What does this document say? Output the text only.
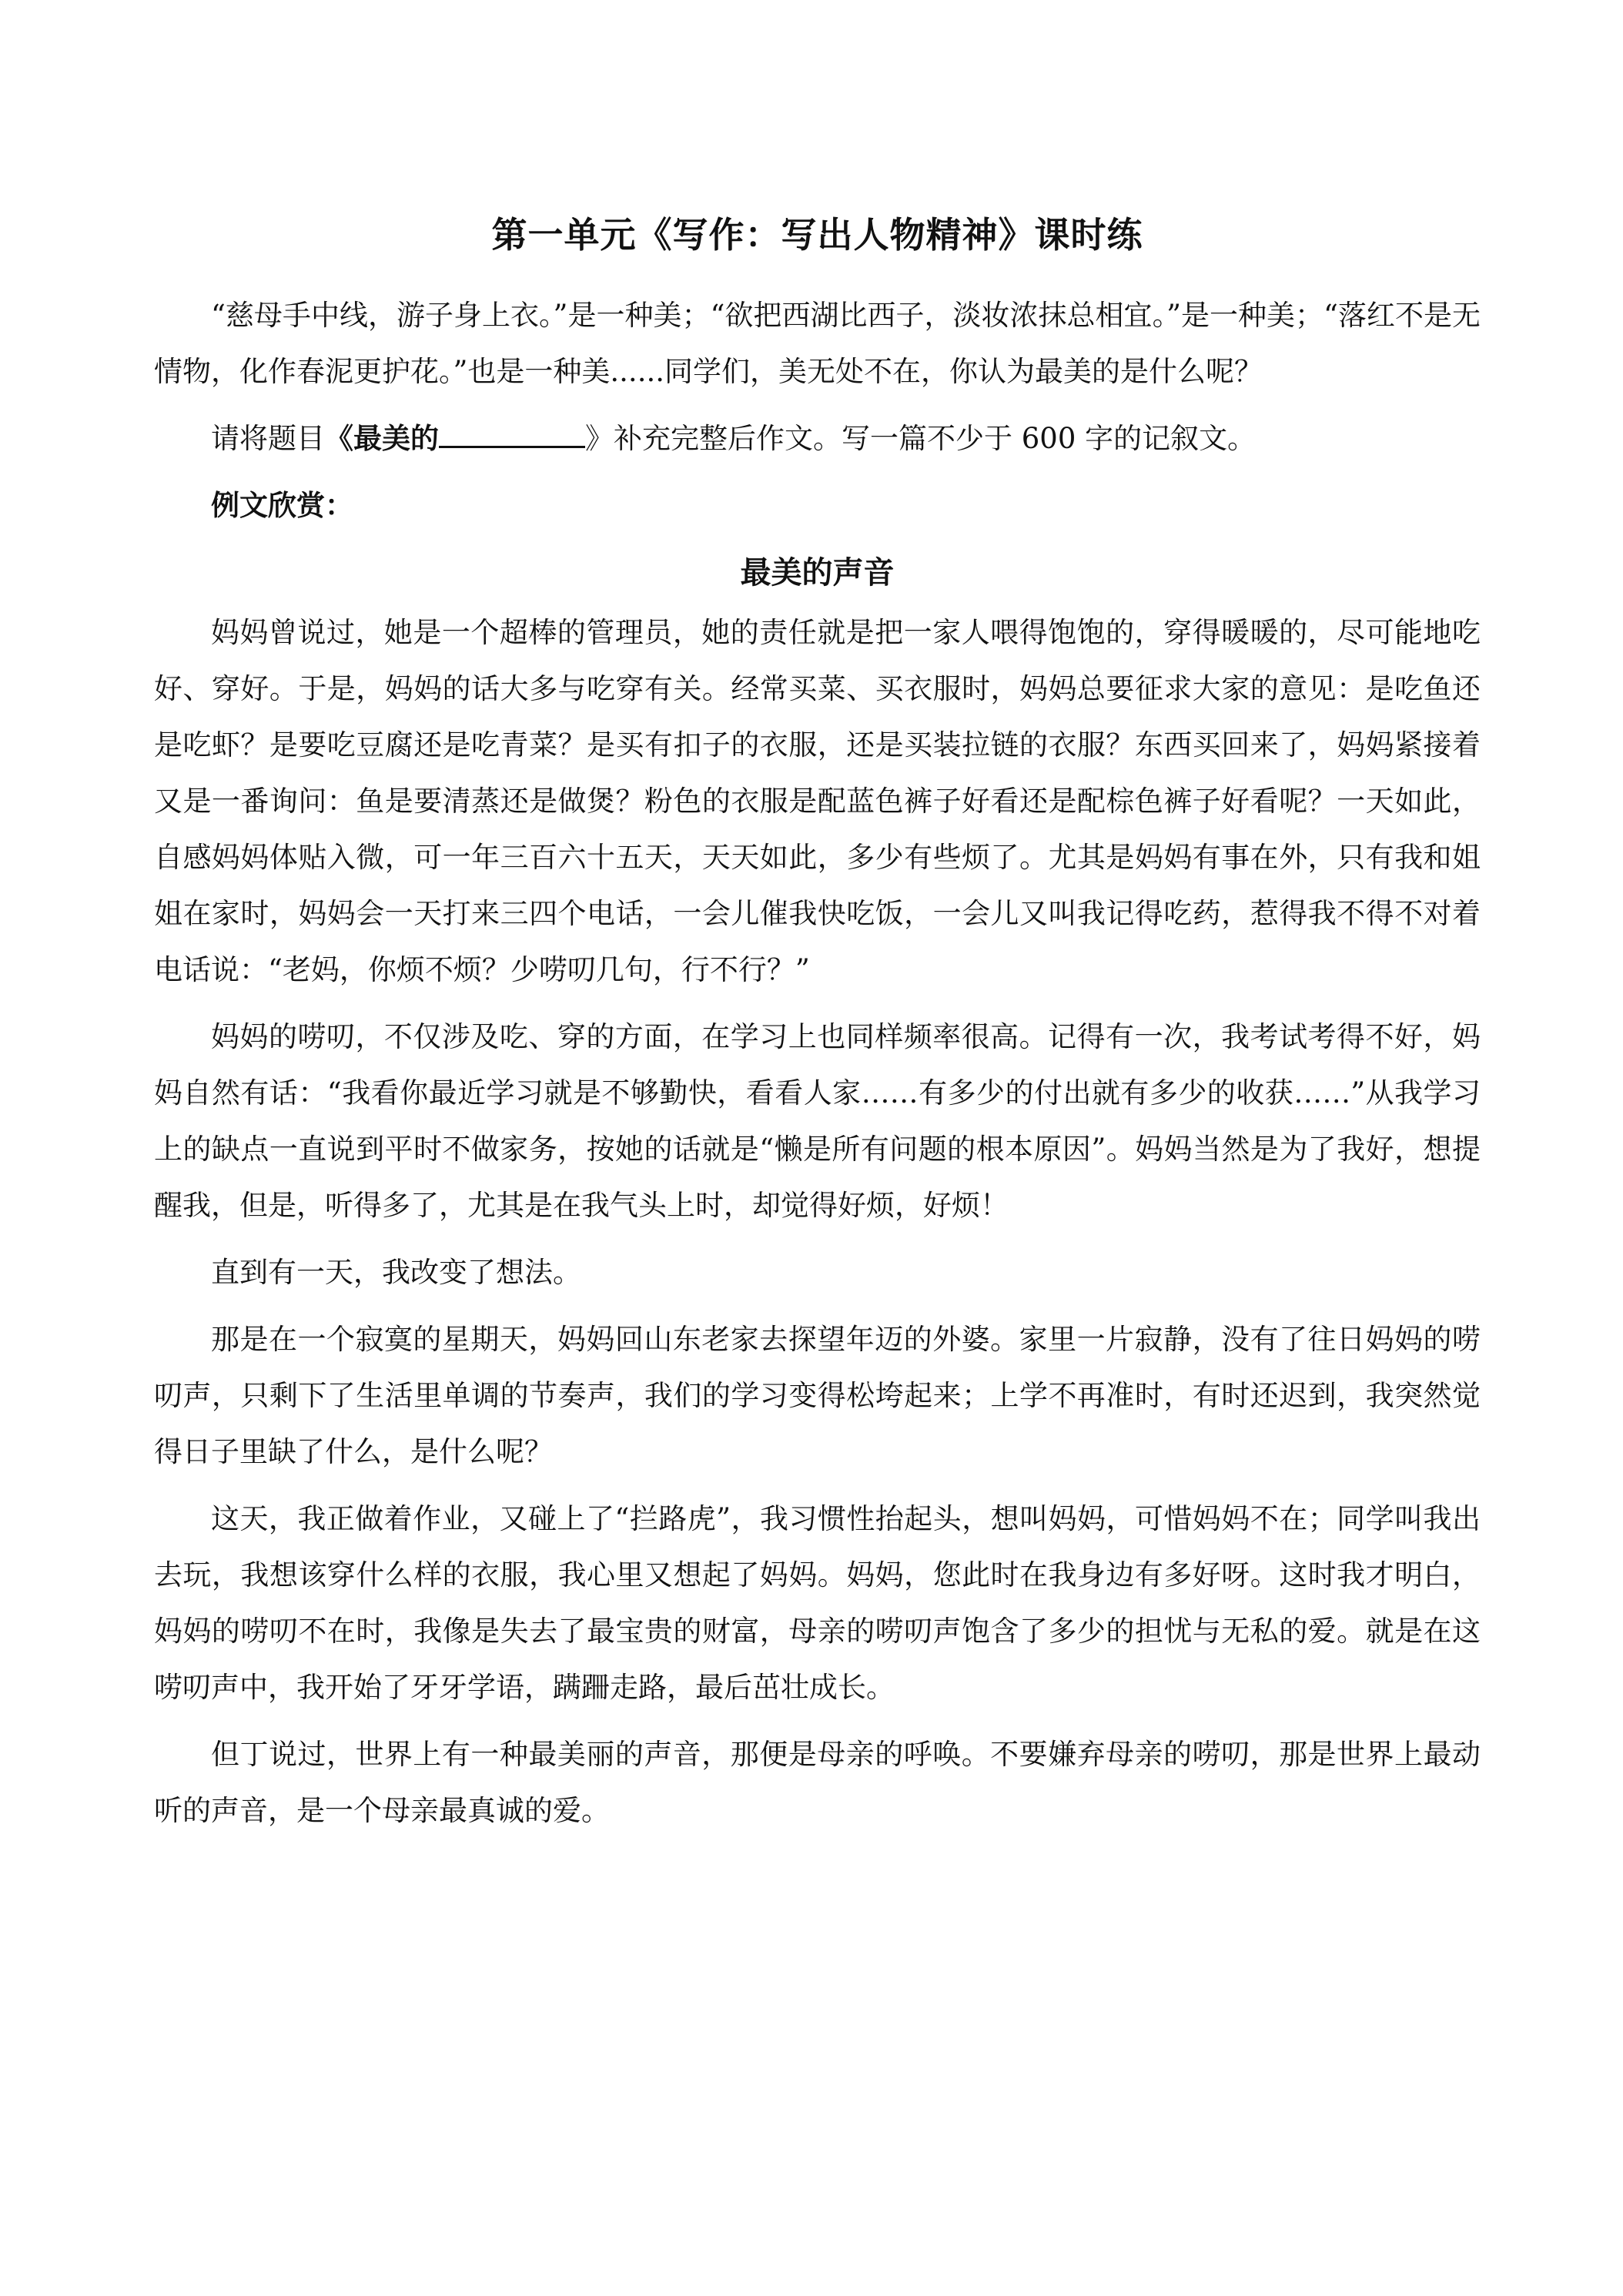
第一单元《写作：写出人物精神》课时练

“慈母手中线，游子身上衣。”是一种美；“欲把西湖比西子，淡妆浓抹总相宜。”是一种美；“落红不是无情物，化作春泥更护花。”也是一种美......同学们，美无处不在，你认为最美的是什么呢？

请将题目《最美的	》补充完整后作文。写一篇不少于 600 字的记叙文。

例文欣赏：

最美的声音

妈妈曾说过，她是一个超棒的管理员，她的责任就是把一家人喂得饱饱的，穿得暖暖的，尽可能地吃好、穿好。于是，妈妈的话大多与吃穿有关。经常买菜、买衣服时，妈妈总要征求大家的意见：是吃鱼还是吃虾？是要吃豆腐还是吃青菜？是买有扣子的衣服，还是买装拉链的衣服？东西买回来了，妈妈紧接着又是一番询问：鱼是要清蒸还是做煲？粉色的衣服是配蓝色裤子好看还是配棕色裤子好看呢？一天如此，自感妈妈体贴入微，可一年三百六十五天，天天如此，多少有些烦了。尤其是妈妈有事在外，只有我和姐姐在家时，妈妈会一天打来三四个电话，一会儿催我快吃饭，一会儿又叫我记得吃药，惹得我不得不对着电话说：“老妈，你烦不烦？少唠叨几句，行不行？”

妈妈的唠叨，不仅涉及吃、穿的方面，在学习上也同样频率很高。记得有一次，我考试考得不好，妈妈自然有话：“我看你最近学习就是不够勤快，看看人家……有多少的付出就有多少的收获……”从我学习上的缺点一直说到平时不做家务，按她的话就是“懒是所有问题的根本原因”。妈妈当然是为了我好，想提醒我，但是，听得多了，尤其是在我气头上时，却觉得好烦，好烦！

直到有一天，我改变了想法。

那是在一个寂寞的星期天，妈妈回山东老家去探望年迈的外婆。家里一片寂静，没有了往日妈妈的唠叨声，只剩下了生活里单调的节奏声，我们的学习变得松垮起来；上学不再准时，有时还迟到，我突然觉得日子里缺了什么，是什么呢？

这天，我正做着作业，又碰上了“拦路虎”，我习惯性抬起头，想叫妈妈，可惜妈妈不在；同学叫我出去玩，我想该穿什么样的衣服，我心里又想起了妈妈。妈妈，您此时在我身边有多好呀。这时我才明白，妈妈的唠叨不在时，我像是失去了最宝贵的财富，母亲的唠叨声饱含了多少的担忧与无私的爱。就是在这唠叨声中，我开始了牙牙学语，蹒跚走路，最后茁壮成长。

但丁说过，世界上有一种最美丽的声音，那便是母亲的呼唤。不要嫌弃母亲的唠叨，那是世界上最动听的声音，是一个母亲最真诚的爱。
